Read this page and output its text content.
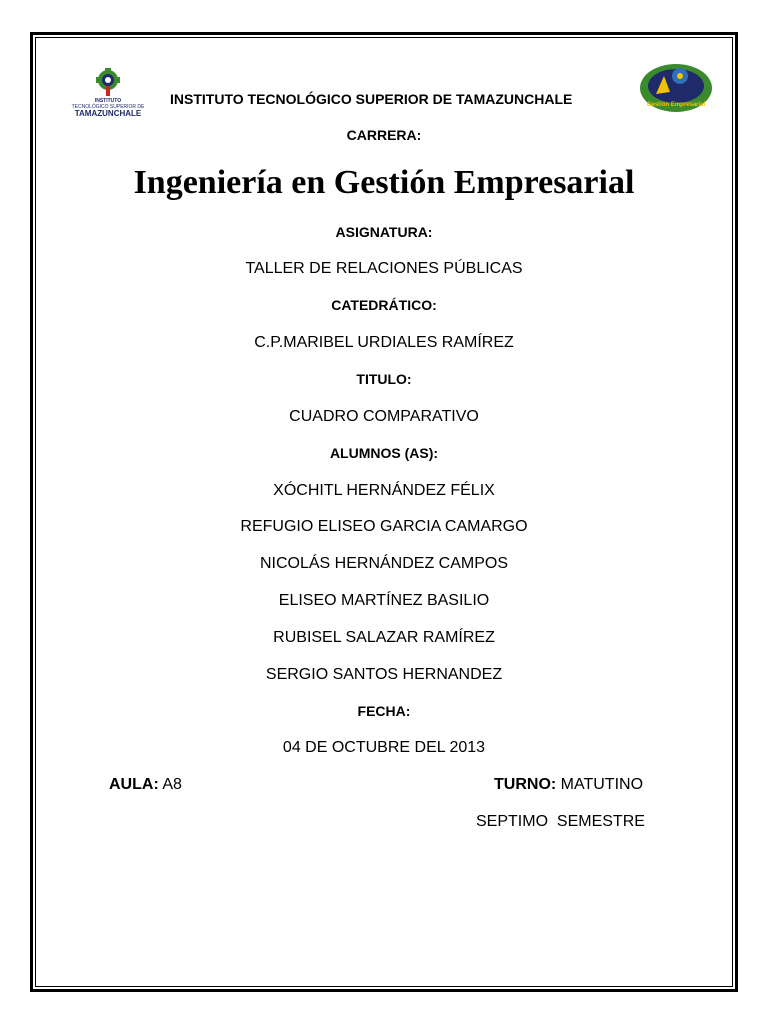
INSTITUTO
TECNOLÓGICO SUPERIOR DE
TAMAZUNCHALE
INSTITUTO TECNOLÓGICO SUPERIOR DE TAMAZUNCHALE	Gestión Empresarial
CARRERA:
Ingeniería en Gestión Empresarial
ASIGNATURA:
TALLER DE RELACIONES PÚBLICAS
CATEDRÁTICO:
C.P.MARIBEL URDIALES RAMÍREZ
TITULO:
CUADRO COMPARATIVO
ALUMNOS (AS):
XÓCHITL HERNÁNDEZ FÉLIX
REFUGIO ELISEO GARCIA CAMARGO
NICOLÁS HERNÁNDEZ CAMPOS
ELISEO MARTÍNEZ BASILIO
RUBISEL SALAZAR RAMÍREZ
SERGIO SANTOS HERNANDEZ
FECHA:
04 DE OCTUBRE DEL 2013
AULA: A8	TURNO: MATUTINO
SEPTIMO  SEMESTRE
